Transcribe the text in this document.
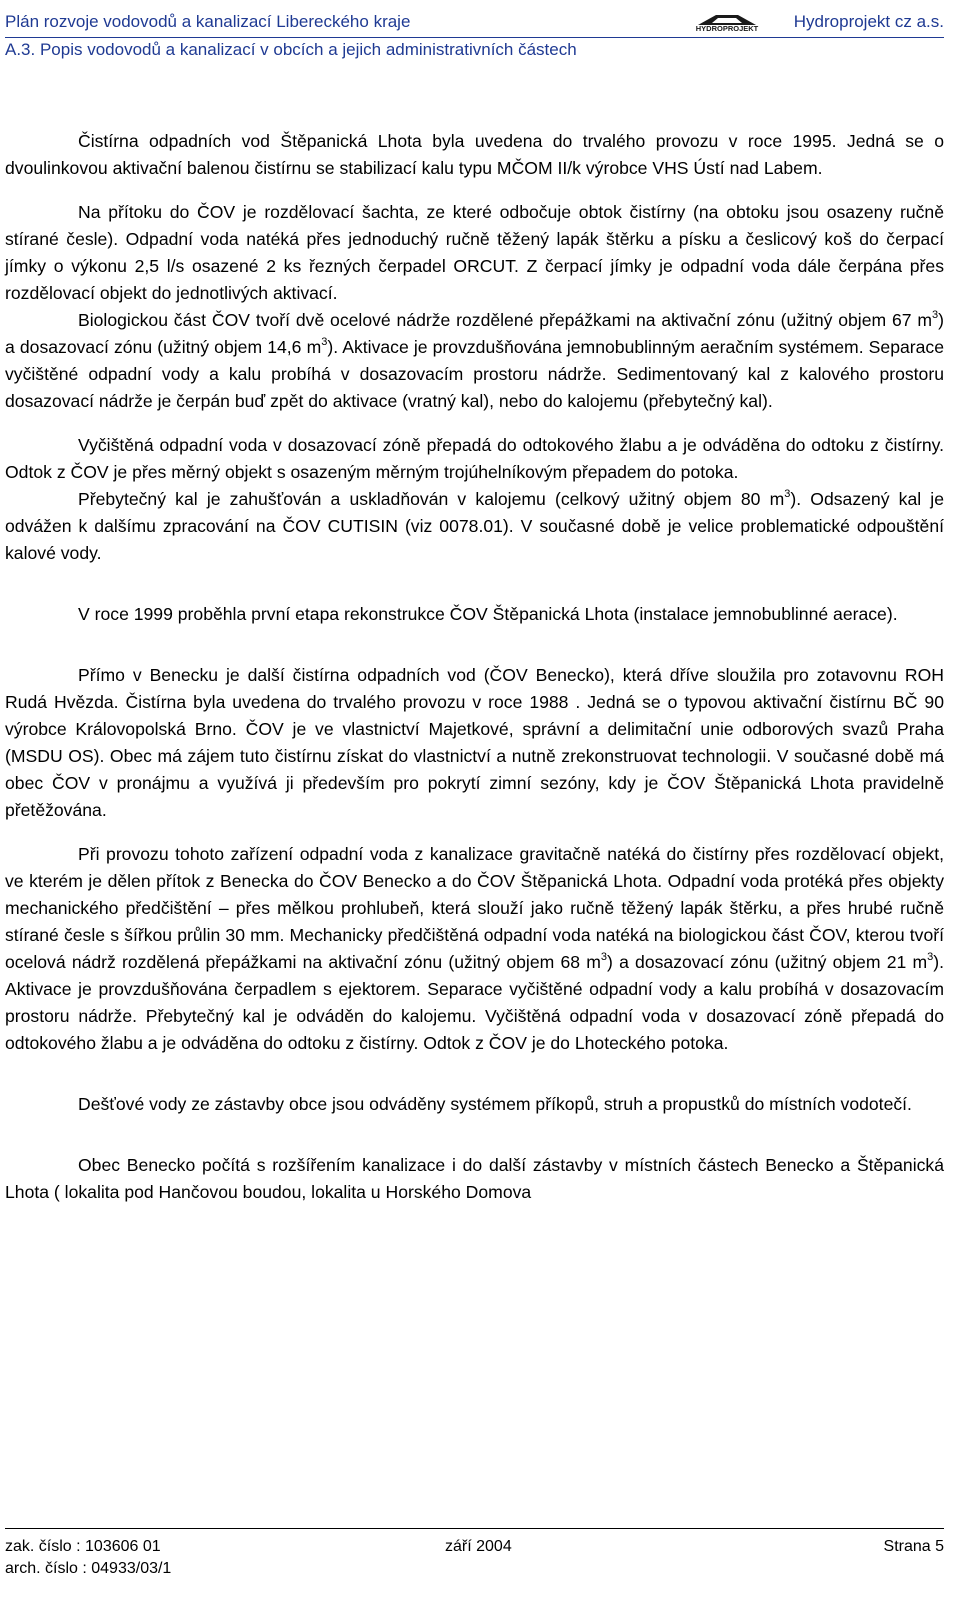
Plán rozvoje vodovodů a kanalizací Libereckého kraje	HYDROPROJEKT Hydroprojekt cz a.s.
A.3. Popis vodovodů a kanalizací v obcích a jejich administrativních částech

Čistírna odpadních vod Štěpanická Lhota byla uvedena do trvalého provozu v roce 1995. Jedná se o dvoulinkovou aktivační balenou čistírnu se stabilizací kalu typu MČOM II/k výrobce VHS Ústí nad Labem.

Na přítoku do ČOV je rozdělovací šachta, ze které odbočuje obtok čistírny (na obtoku jsou osazeny ručně stírané česle). Odpadní voda natéká přes jednoduchý ručně těžený lapák štěrku a písku a česlicový koš do čerpací jímky o výkonu 2,5 l/s osazené 2 ks řezných čerpadel ORCUT. Z čerpací jímky je odpadní voda dále čerpána přes rozdělovací objekt do jednotlivých aktivací.

Biologickou část ČOV tvoří dvě ocelové nádrže rozdělené přepážkami na aktivační zónu (užitný objem 67 $m^3$) a dosazovací zónu (užitný objem 14,6 $m^3$). Aktivace je provzdušňována jemnobublinným aeračním systémem. Separace vyčištěné odpadní vody a kalu probíhá v dosazovacím prostoru nádrže. Sedimentovaný kal z kalového prostoru dosazovací nádrže je čerpán buď zpět do aktivace (vratný kal), nebo do kalojemu (přebytečný kal).

Vyčištěná odpadní voda v dosazovací zóně přepadá do odtokového žlabu a je odváděna do odtoku z čistírny. Odtok z ČOV je přes měrný objekt s osazeným měrným trojúhelníkovým přepadem do potoka.

Přebytečný kal je zahušťován a uskladňován v kalojemu (celkový užitný objem 80 $m^3$). Odsazený kal je odvážen k dalšímu zpracování na ČOV CUTISIN (viz 0078.01). V současné době je velice problematické odpouštění kalové vody.

V roce 1999 proběhla první etapa rekonstrukce ČOV Štěpanická Lhota (instalace jemnobublinné aerace).

Přímo v Benecku je další čistírna odpadních vod (ČOV Benecko), která dříve sloužila pro zotavovnu ROH Rudá Hvězda. Čistírna byla uvedena do trvalého provozu v roce 1988 . Jedná se o typovou aktivační čistírnu BČ 90 výrobce Královopolská Brno. ČOV je ve vlastnictví Majetkové, správní a delimitační unie odborových svazů Praha (MSDU OS). Obec má zájem tuto čistírnu získat do vlastnictví a nutně zrekonstruovat technologii. V současné době má obec ČOV v pronájmu a využívá ji především pro pokrytí zimní sezóny, kdy je ČOV Štěpanická Lhota pravidelně přetěžována.

Při provozu tohoto zařízení odpadní voda z kanalizace gravitačně natéká do čistírny přes rozdělovací objekt, ve kterém je dělen přítok z Benecka do ČOV Benecko a do ČOV Štěpanická Lhota. Odpadní voda protéká přes objekty mechanického předčištění – přes mělkou prohlubeň, která slouží jako ručně těžený lapák štěrku, a přes hrubé ručně stírané česle s šířkou průlin 30 mm. Mechanicky předčištěná odpadní voda natéká na biologickou část ČOV, kterou tvoří ocelová nádrž rozdělená přepážkami na aktivační zónu (užitný objem 68 $m^3$) a dosazovací zónu (užitný objem 21 $m^3$). Aktivace je provzdušňována čerpadlem s ejektorem. Separace vyčištěné odpadní vody a kalu probíhá v dosazovacím prostoru nádrže. Přebytečný kal je odváděn do kalojemu. Vyčištěná odpadní voda v dosazovací zóně přepadá do odtokového žlabu a je odváděna do odtoku z čistírny. Odtok z ČOV je do Lhoteckého potoka.

Dešťové vody ze zástavby obce jsou odváděny systémem příkopů, struh a propustků do místních vodotečí.

Obec Benecko počítá s rozšířením kanalizace i do další zástavby v místních částech Benecko a Štěpanická Lhota ( lokalita pod Hančovou boudou, lokalita u Horského Domova

zak. číslo : 103606 01	září 2004	Strana 5
arch. číslo : 04933/03/1
